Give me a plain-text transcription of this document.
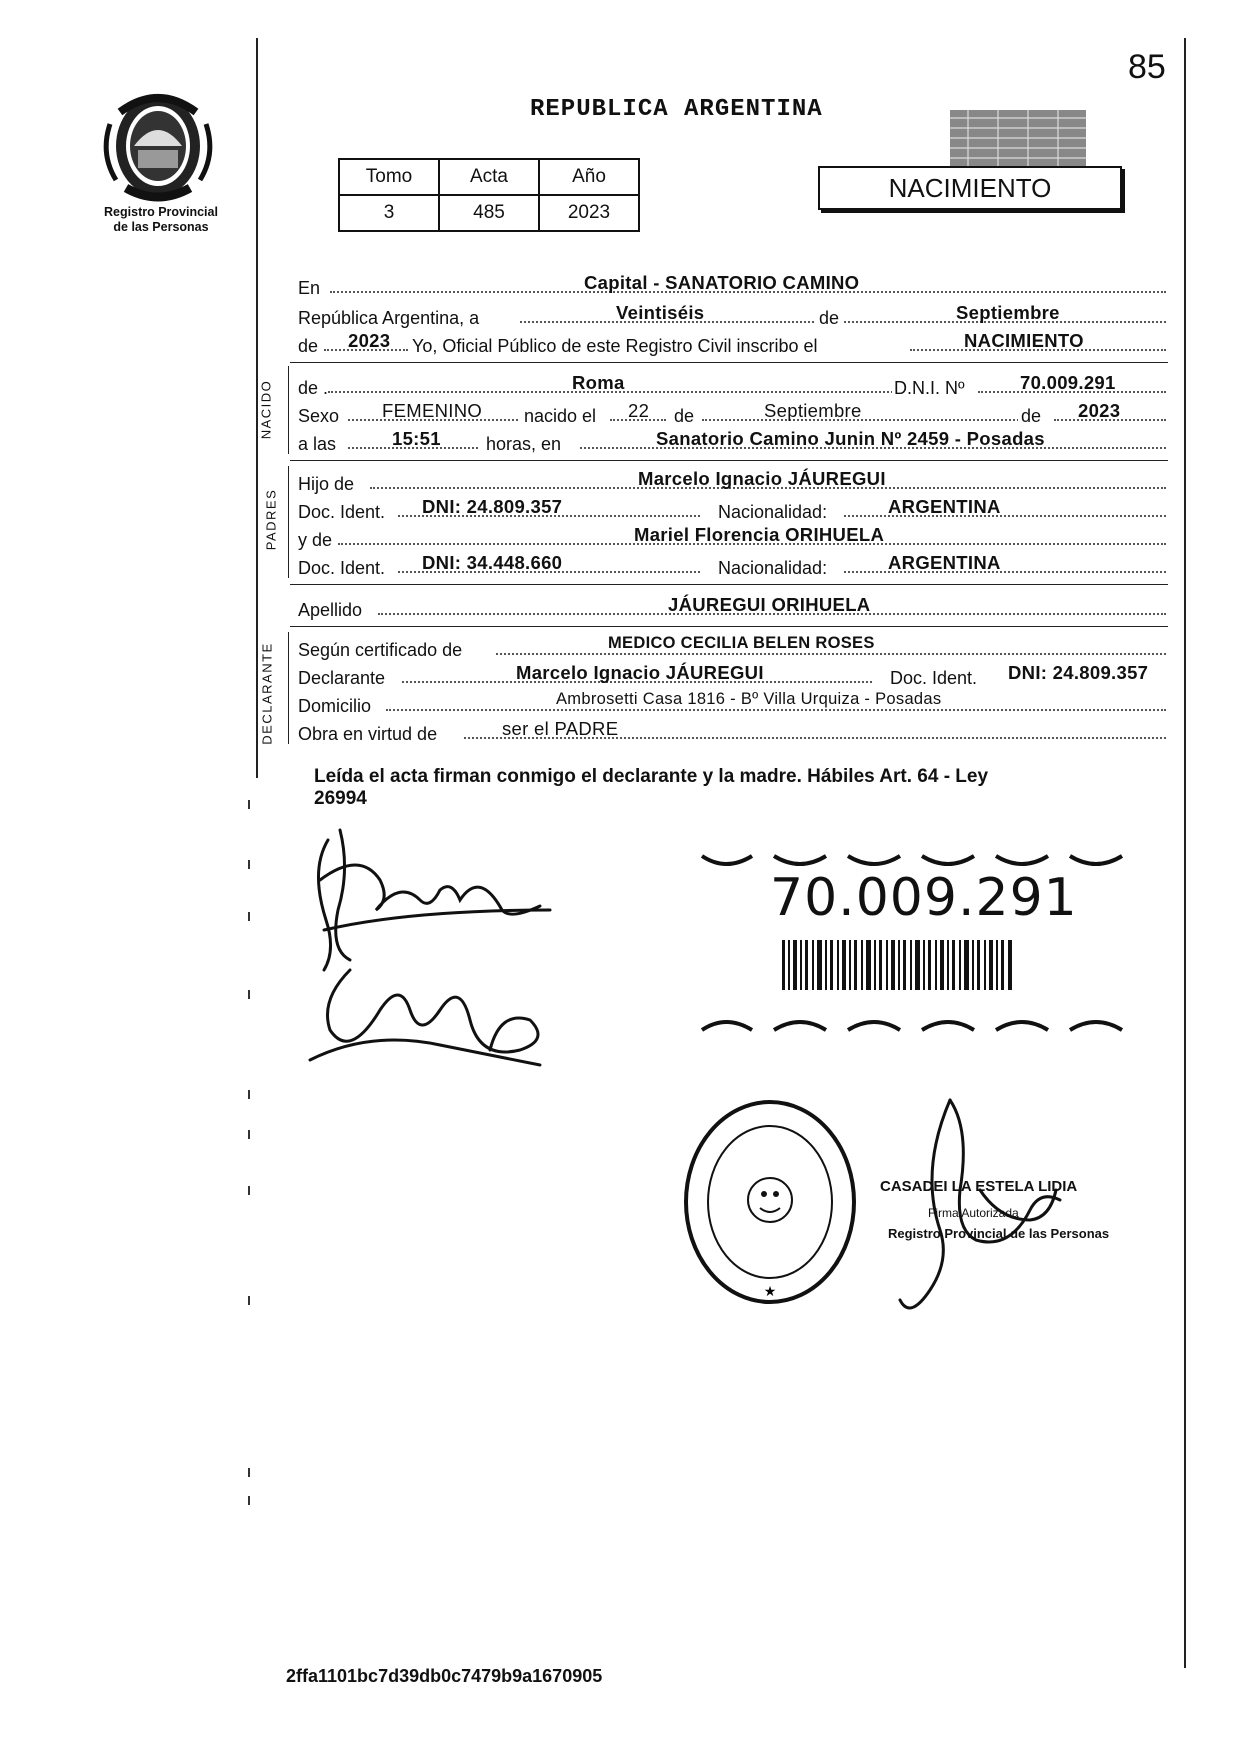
85
Registro Provincial
de las Personas
REPUBLICA ARGENTINA
Tomo	Acta	Año
3	485	2023
NACIMIENTO
En	Capital - SANATORIO CAMINO
República Argentina, a	Veintiséis	de	Septiembre
de 2023 Yo, Oficial Público de este Registro Civil inscribo el	NACIMIENTO
NACIDO de .	Roma	D.N.I. Nº	70.009.291
Sexo FEMENINO nacido el 22 de	Septiembre	de 2023
a las	15:51	horas, en	Sanatorio Camino Junin Nº 2459 - Posadas
PADRES
Hijo de	Marcelo Ignacio JÁUREGUI
Doc. Ident. DNI: 24.809.357	Nacionalidad:	ARGENTINA
y de	Mariel Florencia ORIHUELA
Doc. Ident. DNI: 34.448.660	Nacionalidad:	ARGENTINA
Apellido	JÁUREGUI ORIHUELA
DECLARANTE Según certificado de	MEDICO CECILIA BELEN ROSES
Declarante	Marcelo Ignacio JÁUREGUI	Doc. Ident. DNI: 24.809.357
Domicilio	Ambrosetti Casa 1816 - Bº Villa Urquiza - Posadas
Obra en virtud de	ser el PADRE
Leída el acta firman conmigo el declarante y la madre. Hábiles Art. 64 - Ley
26994
70.009.291
★
CASADEI LA ESTELA LIDIA
Firma Autorizada
Registro Provincial de las Personas
2ffa1101bc7d39db0c7479b9a1670905
